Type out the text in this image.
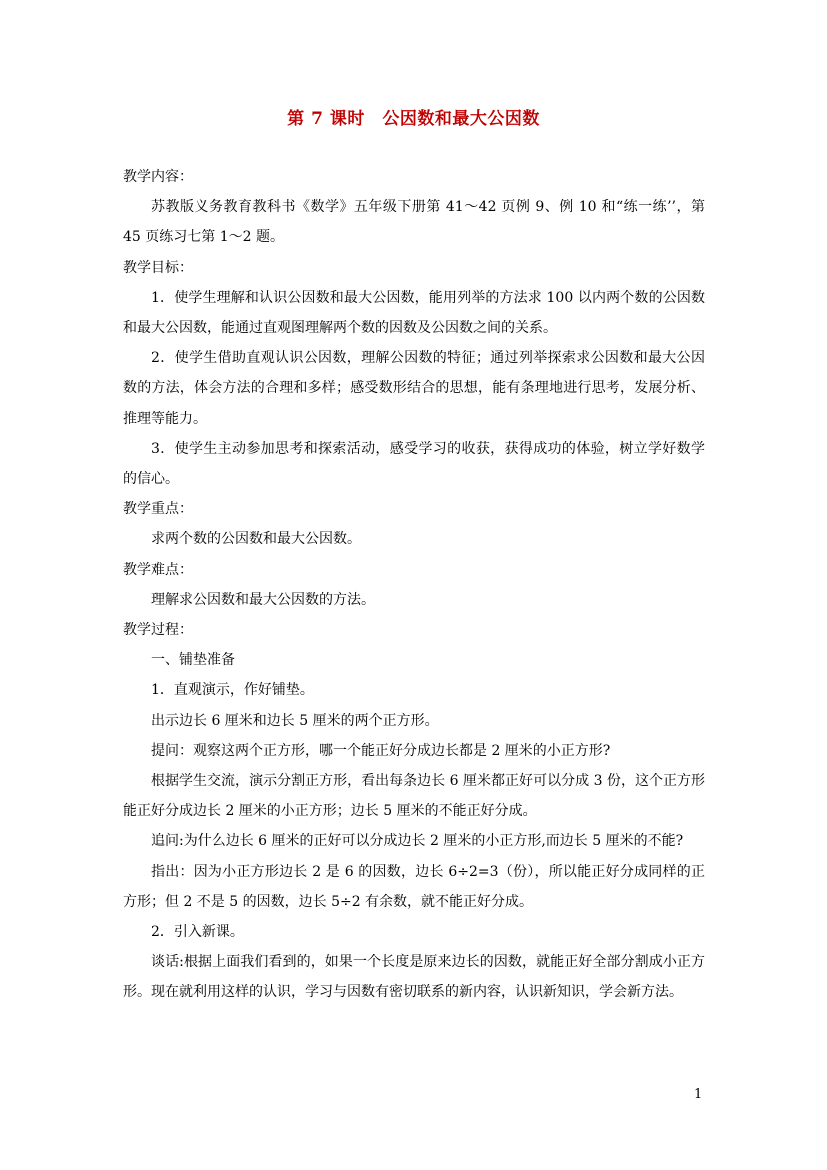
第 7 课时　公因数和最大公因数

教学内容：

苏教版义务教育教科书《数学》五年级下册第 41～42 页例 9、例 10 和“练一练’’，第 45 页练习七第 1～2 题。

教学目标：

1．使学生理解和认识公因数和最大公因数，能用列举的方法求 100 以内两个数的公因数和最大公因数，能通过直观图理解两个数的因数及公因数之间的关系。

2．使学生借助直观认识公因数，理解公因数的特征；通过列举探索求公因数和最大公因数的方法，体会方法的合理和多样；感受数形结合的思想，能有条理地进行思考，发展分析、推理等能力。

3．使学生主动参加思考和探索活动，感受学习的收获，获得成功的体验，树立学好数学的信心。

教学重点：

求两个数的公因数和最大公因数。

教学难点：

理解求公因数和最大公因数的方法。

教学过程：

一、铺垫准备

1．直观演示，作好铺垫。

出示边长 6 厘米和边长 5 厘米的两个正方形。

提问：观察这两个正方形，哪一个能正好分成边长都是 2 厘米的小正方形?

根据学生交流，演示分割正方形，看出每条边长 6 厘米都正好可以分成 3 份，这个正方形能正好分成边长 2 厘米的小正方形；边长 5 厘米的不能正好分成。

追问:为什么边长 6 厘米的正好可以分成边长 2 厘米的小正方形,而边长 5 厘米的不能?

指出：因为小正方形边长 2 是 6 的因数，边长 6÷2=3（份），所以能正好分成同样的正方形；但 2 不是 5 的因数，边长 5÷2 有余数，就不能正好分成。

2．引入新课。

谈话:根据上面我们看到的，如果一个长度是原来边长的因数，就能正好全部分割成小正方形。现在就利用这样的认识，学习与因数有密切联系的新内容，认识新知识，学会新方法。

1
